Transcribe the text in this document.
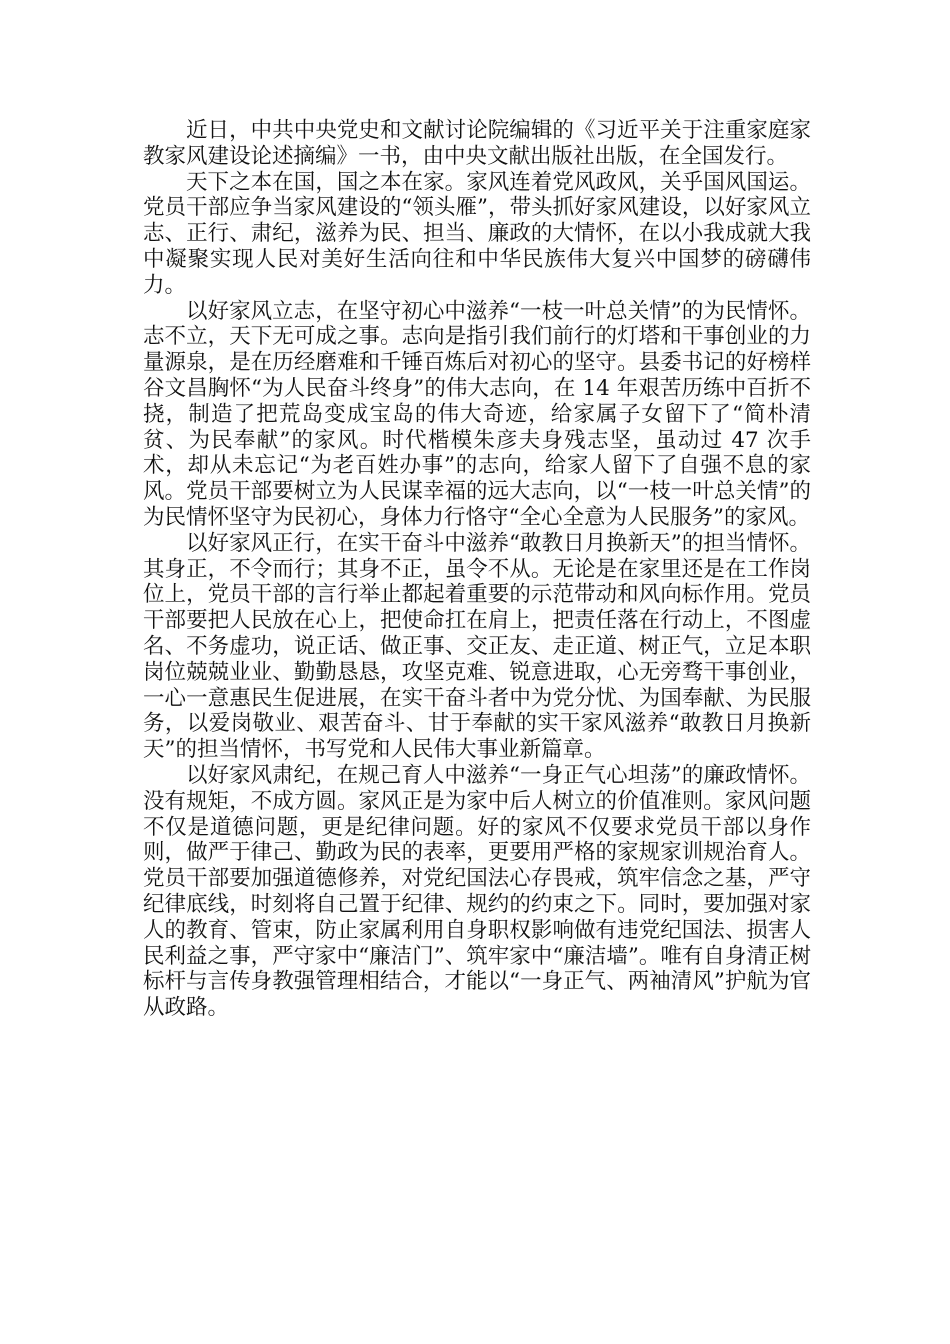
近日，中共中央党史和文献讨论院编辑的《习近平关于注重家庭家教家风建设论述摘编》一书，由中央文献出版社出版，在全国发行。

天下之本在国，国之本在家。家风连着党风政风，关乎国风国运。党员干部应争当家风建设的“领头雁”，带头抓好家风建设，以好家风立志、正行、肃纪，滋养为民、担当、廉政的大情怀，在以小我成就大我中凝聚实现人民对美好生活向往和中华民族伟大复兴中国梦的磅礴伟力。

以好家风立志，在坚守初心中滋养“一枝一叶总关情”的为民情怀。志不立，天下无可成之事。志向是指引我们前行的灯塔和干事创业的力量源泉，是在历经磨难和千锤百炼后对初心的坚守。县委书记的好榜样谷文昌胸怀“为人民奋斗终身”的伟大志向，在 14 年艰苦历练中百折不挠，制造了把荒岛变成宝岛的伟大奇迹，给家属子女留下了“简朴清贫、为民奉献”的家风。时代楷模朱彦夫身残志坚，虽动过 47 次手术，却从未忘记“为老百姓办事”的志向，给家人留下了自强不息的家风。党员干部要树立为人民谋幸福的远大志向，以“一枝一叶总关情”的为民情怀坚守为民初心，身体力行恪守“全心全意为人民服务”的家风。

以好家风正行，在实干奋斗中滋养“敢教日月换新天”的担当情怀。其身正，不令而行；其身不正，虽令不从。无论是在家里还是在工作岗位上，党员干部的言行举止都起着重要的示范带动和风向标作用。党员干部要把人民放在心上，把使命扛在肩上，把责任落在行动上，不图虚名、不务虚功，说正话、做正事、交正友、走正道、树正气，立足本职岗位兢兢业业、勤勤恳恳，攻坚克难、锐意进取，心无旁骛干事创业，一心一意惠民生促进展，在实干奋斗者中为党分忧、为国奉献、为民服务，以爱岗敬业、艰苦奋斗、甘于奉献的实干家风滋养“敢教日月换新天”的担当情怀，书写党和人民伟大事业新篇章。

以好家风肃纪，在规己育人中滋养“一身正气心坦荡”的廉政情怀。没有规矩，不成方圆。家风正是为家中后人树立的价值准则。家风问题不仅是道德问题，更是纪律问题。好的家风不仅要求党员干部以身作则，做严于律己、勤政为民的表率，更要用严格的家规家训规治育人。党员干部要加强道德修养，对党纪国法心存畏戒，筑牢信念之基，严守纪律底线，时刻将自己置于纪律、规约的约束之下。同时，要加强对家人的教育、管束，防止家属利用自身职权影响做有违党纪国法、损害人民利益之事，严守家中“廉洁门”、筑牢家中“廉洁墙”。唯有自身清正树标杆与言传身教强管理相结合，才能以“一身正气、两袖清风”护航为官从政路。
